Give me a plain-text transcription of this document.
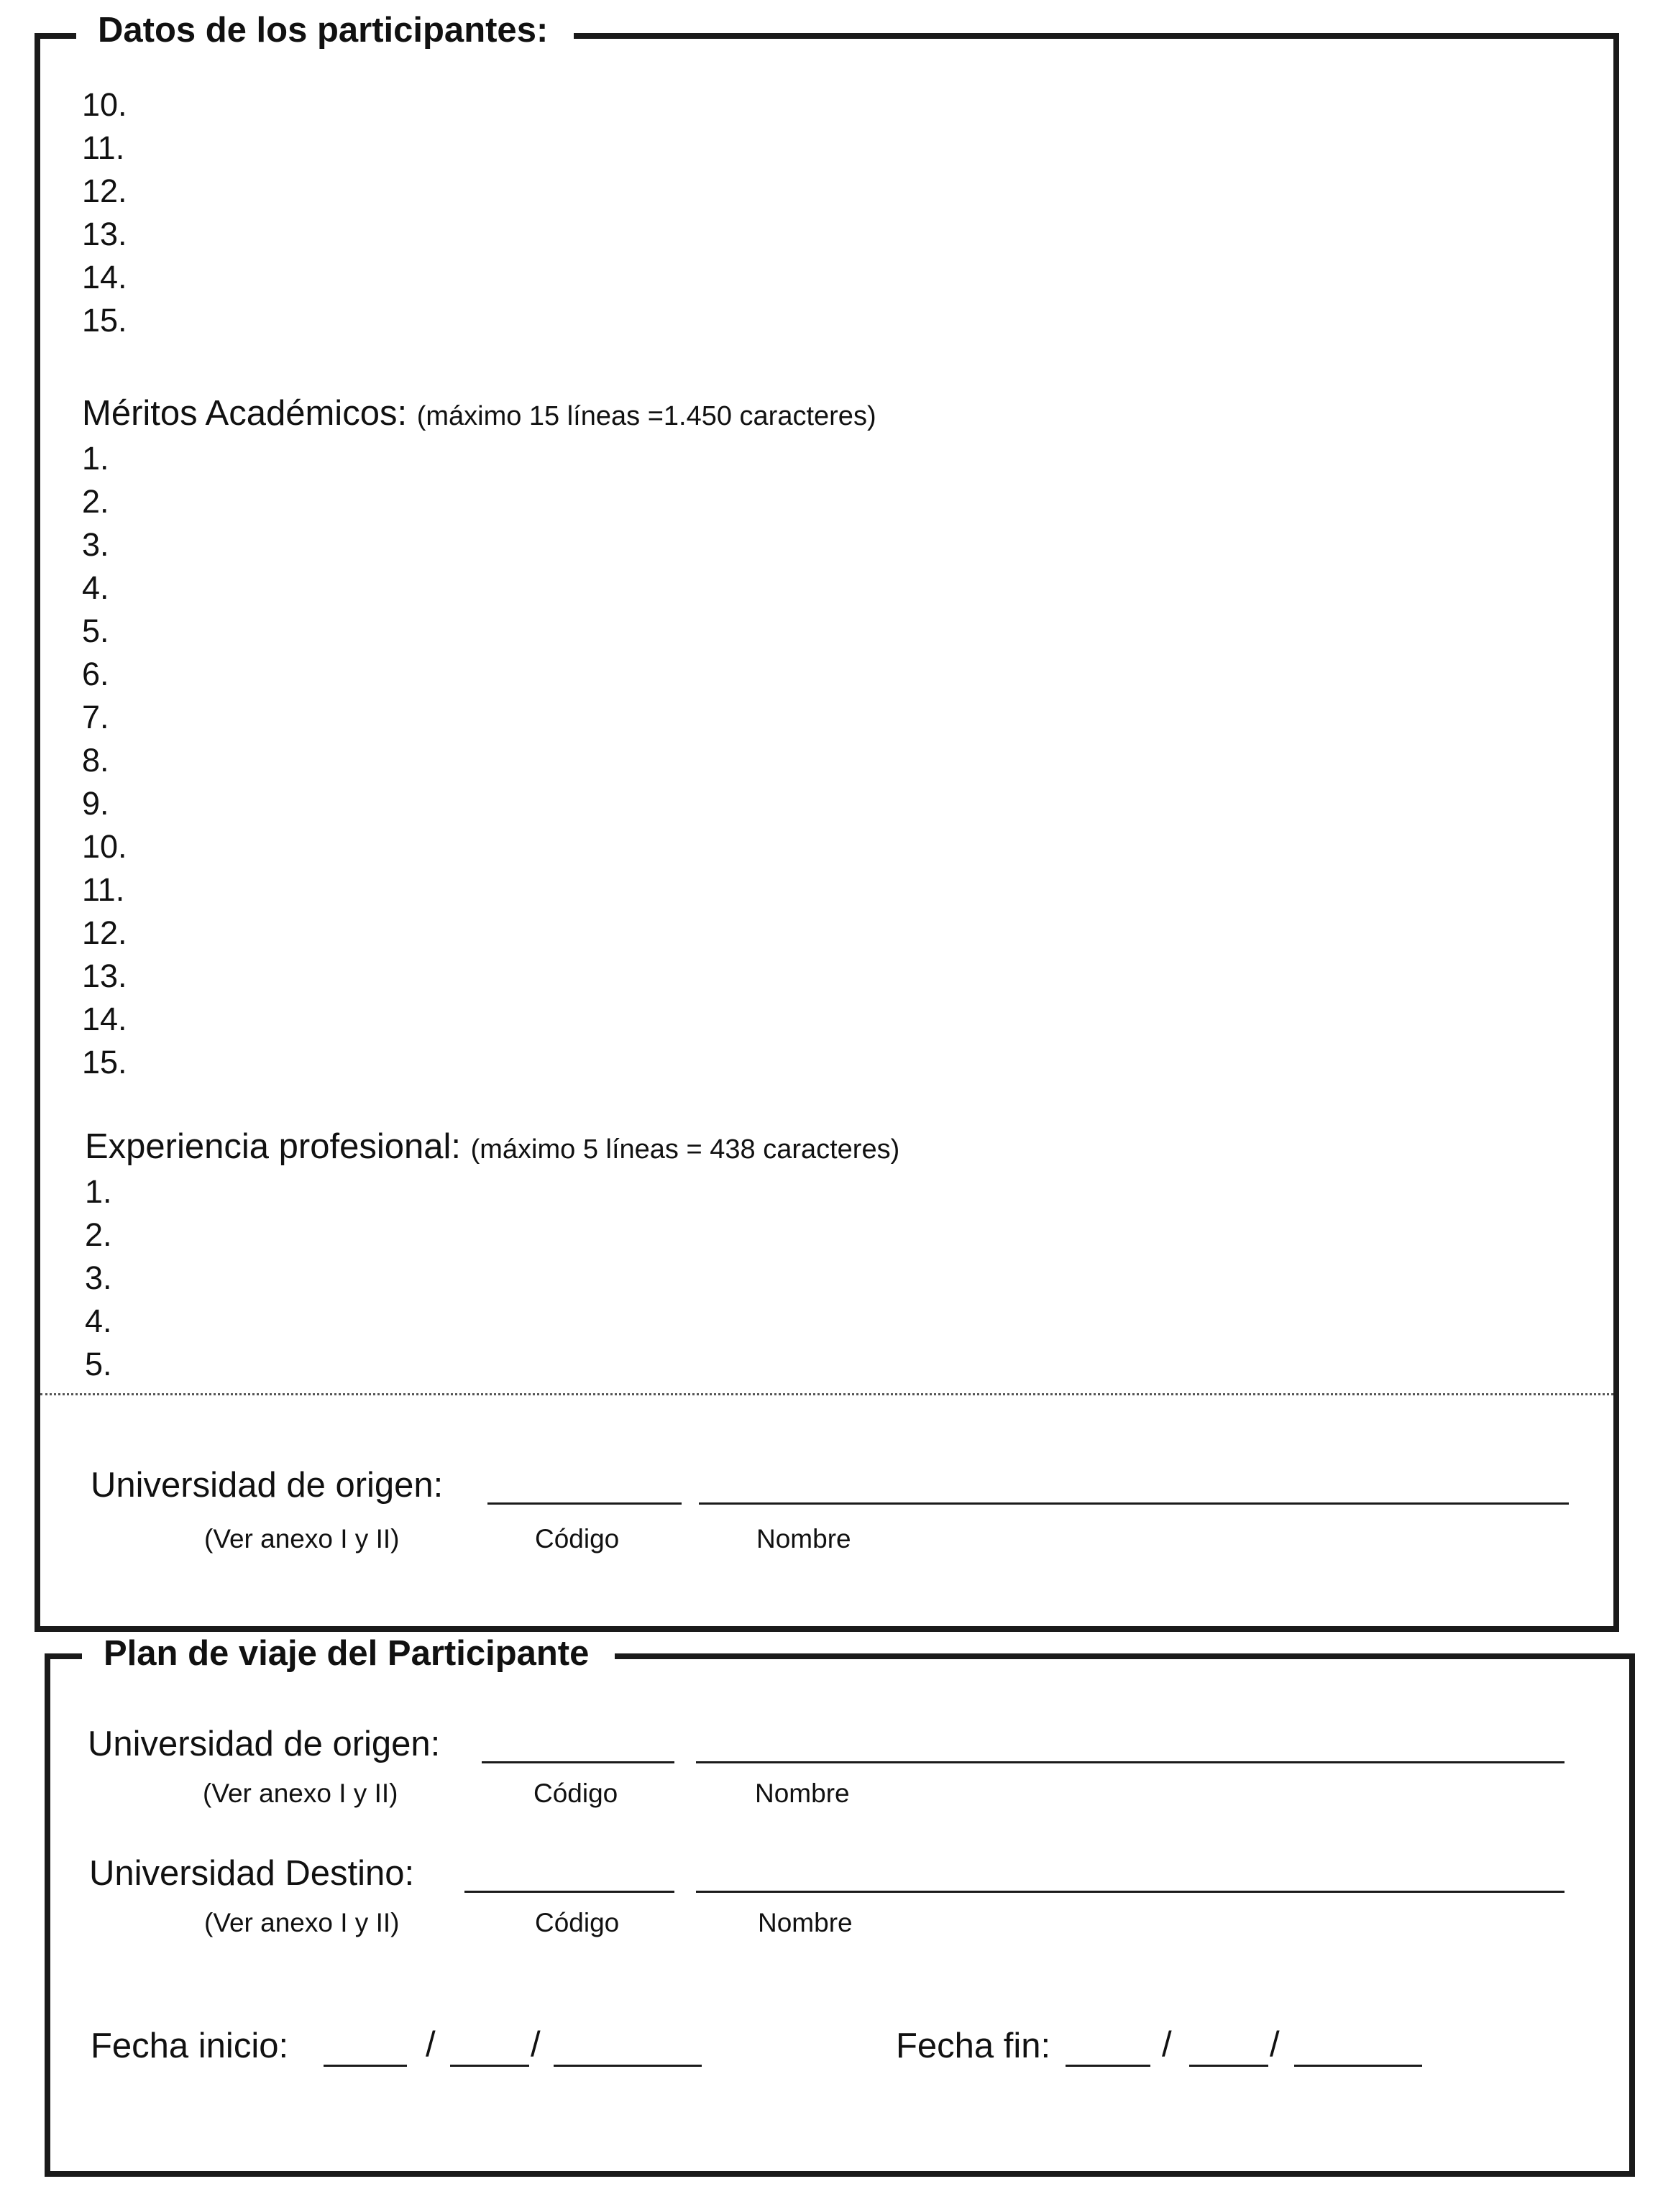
Datos de los participantes:
10.
11.
12.
13.
14.
15.
Méritos Académicos: (máximo 15 líneas =1.450 caracteres)
1.
2.
3.
4.
5.
6.
7.
8.
9.
10.
11.
12.
13.
14.
15.
Experiencia profesional: (máximo 5 líneas = 438 caracteres)
1.
2.
3.
4.
5.
Universidad de origen:
(Ver anexo I y II)	Código	Nombre
Plan de viaje del Participante
Universidad de origen:
(Ver anexo I y II)	Código	Nombre
Universidad Destino:
(Ver anexo I y II)	Código	Nombre
Fecha inicio:	/	/	Fecha fin:	/	/
